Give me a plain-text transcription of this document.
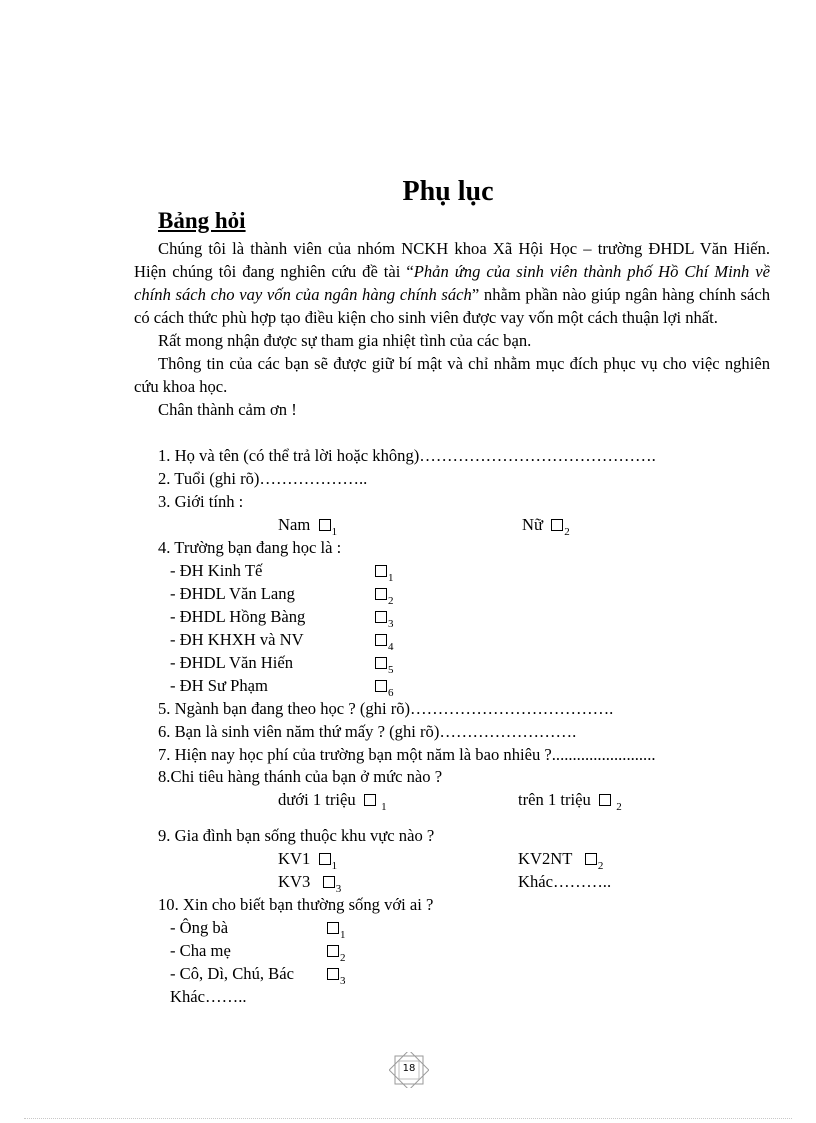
Phụ lục
Bảng hỏi

Chúng tôi là thành viên của nhóm NCKH khoa Xã Hội Học – trường ĐHDL Văn Hiến. Hiện chúng tôi đang nghiên cứu đề tài “Phản ứng của sinh viên thành phố Hồ Chí Minh về chính sách cho vay vốn của ngân hàng chính sách” nhằm phần nào giúp ngân hàng chính sách có cách thức phù hợp tạo điều kiện cho sinh viên được vay vốn một cách thuận lợi nhất.

Rất mong nhận được sự tham gia nhiệt tình của các bạn.

Thông tin của các bạn sẽ được giữ bí mật và chỉ nhằm mục đích phục vụ cho việc nghiên cứu khoa học.

Chân thành cảm ơn !

1. Họ và tên (có thể trả lời hoặc không)…………………………………….
2. Tuổi (ghi rõ)………………..
3. Giới tính :
Nam $_1$	Nữ $_2$
4. Trường bạn đang học là :
- ĐH Kinh Tế	$_1$
- ĐHDL Văn Lang	$_2$
- ĐHDL Hồng Bàng	$_3$
- ĐH KHXH và NV	$_4$
- ĐHDL Văn Hiến	$_5$
- ĐH Sư Phạm	$_6$
5. Ngành bạn đang theo học ? (ghi rõ)……………………………….
6. Bạn là sinh viên năm thứ mấy ? (ghi rõ)…………………….
7. Hiện nay học phí của trường bạn một năm là bao nhiêu ?.........................
8.Chi tiêu hàng thánh của bạn ở mức nào ?
dưới 1 triệu $_1$	trên 1 triệu $_2$
9. Gia đình bạn sống thuộc khu vực nào ?
KV1 $_1$	KV2NT $_2$
KV3 $_3$	Khác………..
10. Xin cho biết bạn thường sống với ai ?
- Ông bà	$_1$
- Cha mẹ	$_2$
- Cô, Dì, Chú, Bác	$_3$
Khác……..
18
